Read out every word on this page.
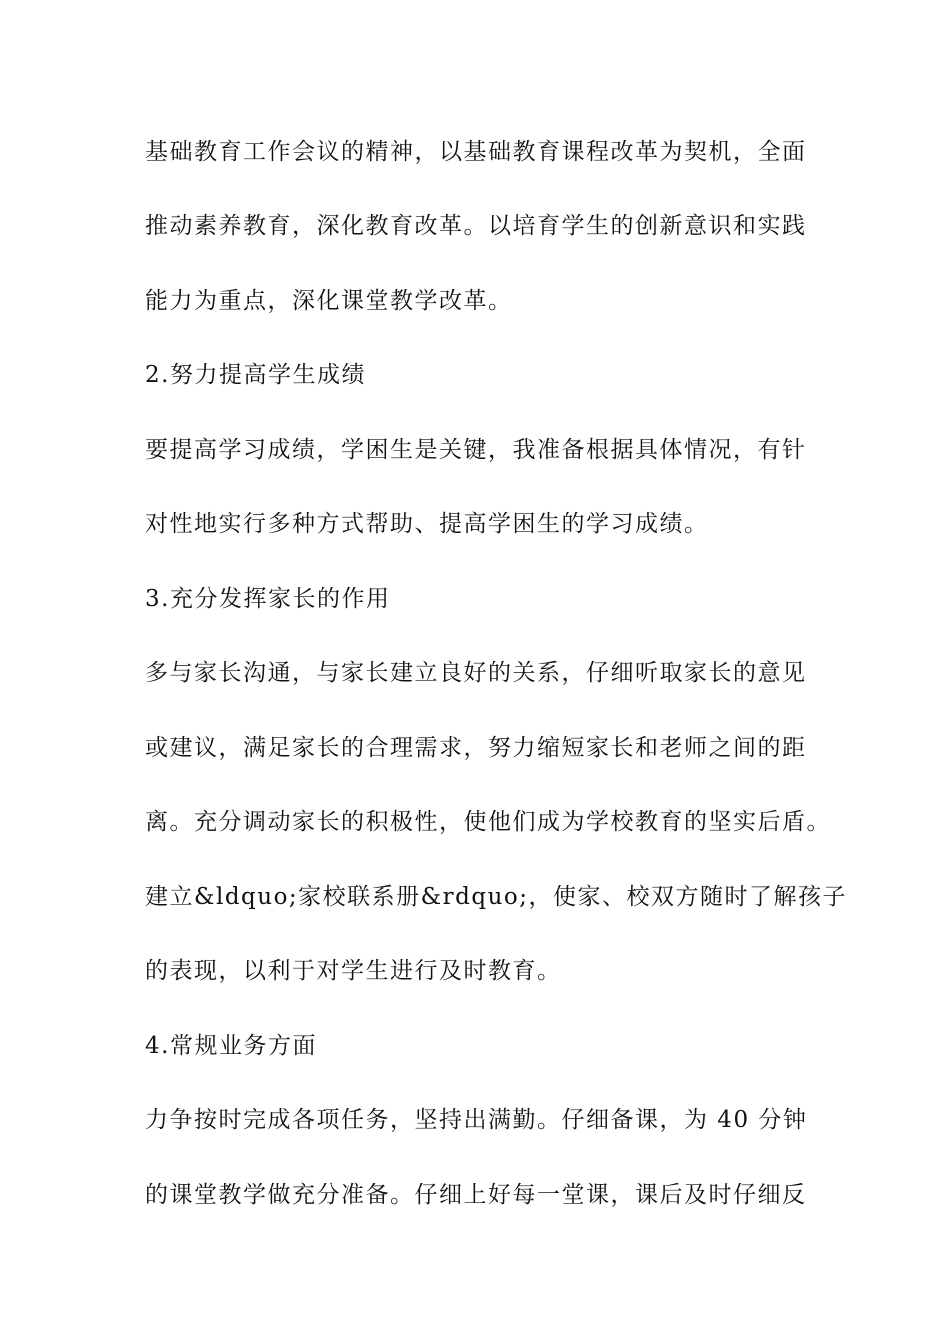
基础教育工作会议的精神，以基础教育课程改革为契机，全面
推动素养教育，深化教育改革。以培育学生的创新意识和实践
能力为重点，深化课堂教学改革。
2.努力提高学生成绩
要提高学习成绩，学困生是关键，我准备根据具体情况，有针
对性地实行多种方式帮助、提高学困生的学习成绩。
3.充分发挥家长的作用
多与家长沟通，与家长建立良好的关系，仔细听取家长的意见
或建议，满足家长的合理需求，努力缩短家长和老师之间的距
离。充分调动家长的积极性，使他们成为学校教育的坚实后盾。
建立&ldquo;家校联系册&rdquo;，使家、校双方随时了解孩子
的表现，以利于对学生进行及时教育。
4.常规业务方面
力争按时完成各项任务，坚持出满勤。仔细备课，为 40 分钟
的课堂教学做充分准备。仔细上好每一堂课，课后及时仔细反
